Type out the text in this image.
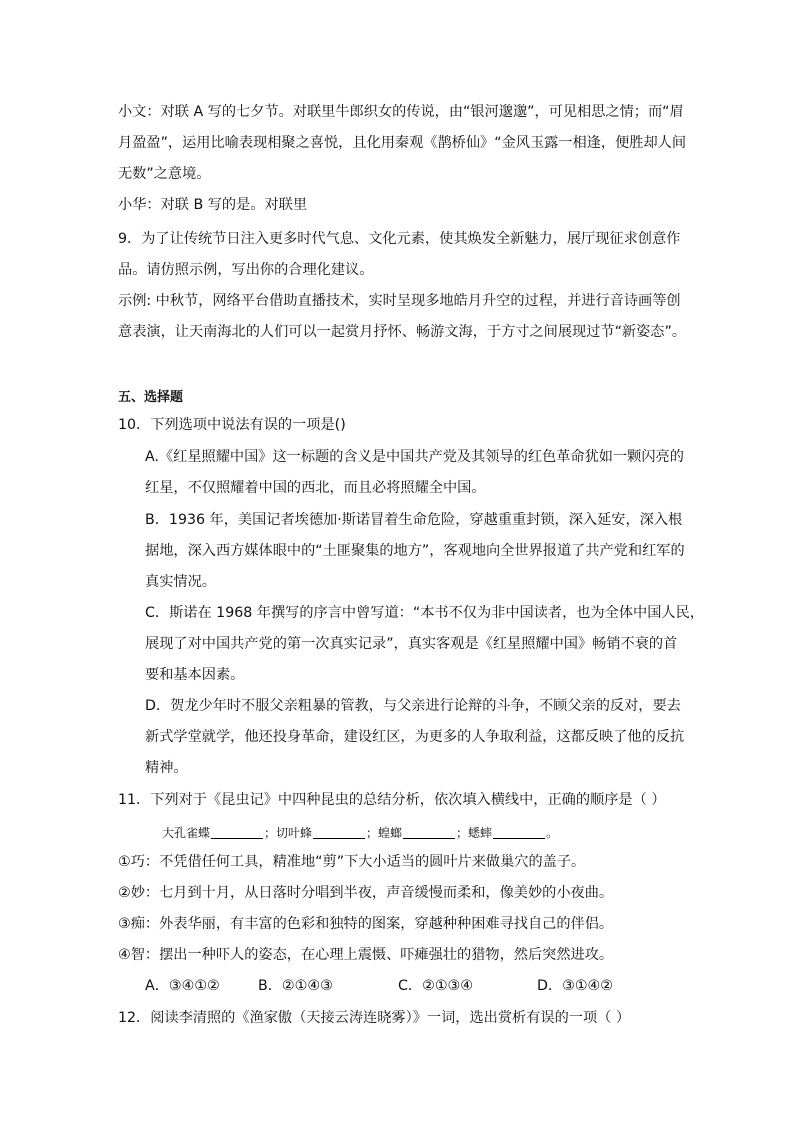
小文：对联 A 写的七夕节。对联里牛郎织女的传说，由“银河邈邈”，可见相思之情；而“眉
月盈盈”，运用比喻表现相聚之喜悦，且化用秦观《鹊桥仙》“金风玉露一相逢，便胜却人间
无数”之意境。
小华：对联 B 写的是。对联里
9．为了让传统节日注入更多时代气息、文化元素，使其焕发全新魅力，展厅现征求创意作
品。请仿照示例，写出你的合理化建议。
示例: 中秋节，网络平台借助直播技术，实时呈现多地皓月升空的过程，并进行音诗画等创
意表演，让天南海北的人们可以一起赏月抒怀、畅游文海，于方寸之间展现过节“新姿态”。
五、选择题
10．下列选项中说法有误的一项是()
A.《红星照耀中国》这一标题的含义是中国共产党及其领导的红色革命犹如一颗闪亮的
红星，不仅照耀着中国的西北，而且必将照耀全中国。
B．1936 年，美国记者埃德加·斯诺冒着生命危险，穿越重重封锁，深入延安，深入根
据地，深入西方媒体眼中的“土匪聚集的地方”，客观地向全世界报道了共产党和红军的
真实情况。
C．斯诺在 1968 年撰写的序言中曾写道：“本书不仅为非中国读者，也为全体中国人民，
展现了对中国共产党的第一次真实记录”，真实客观是《红星照耀中国》畅销不衰的首
要和基本因素。
D．贺龙少年时不服父亲粗暴的管教，与父亲进行论辩的斗争，不顾父亲的反对，要去
新式学堂就学，他还投身革命，建设红区，为更多的人争取利益，这都反映了他的反抗
精神。
11．下列对于《昆虫记》中四种昆虫的总结分析，依次填入横线中，正确的顺序是（ ）
大孔雀蝶	；切叶蜂	；蝗螂	；蟋蟀	。
①巧：不凭借任何工具，精准地“剪”下大小适当的圆叶片来做巢穴的盖子。
②妙：七月到十月，从日落时分唱到半夜，声音缓慢而柔和，像美妙的小夜曲。
③痴：外表华丽，有丰富的色彩和独特的图案，穿越种种困难寻找自己的伴侣。
④智：摆出一种吓人的姿态，在心理上震慑、吓瘫强壮的猎物，然后突然进攻。
A．③④①②	B．②①④③	C．②①③④	D．③①④②
12．阅读李清照的《渔家傲（天接云涛连晓雾）》一词，选出赏析有误的一项（ ）
